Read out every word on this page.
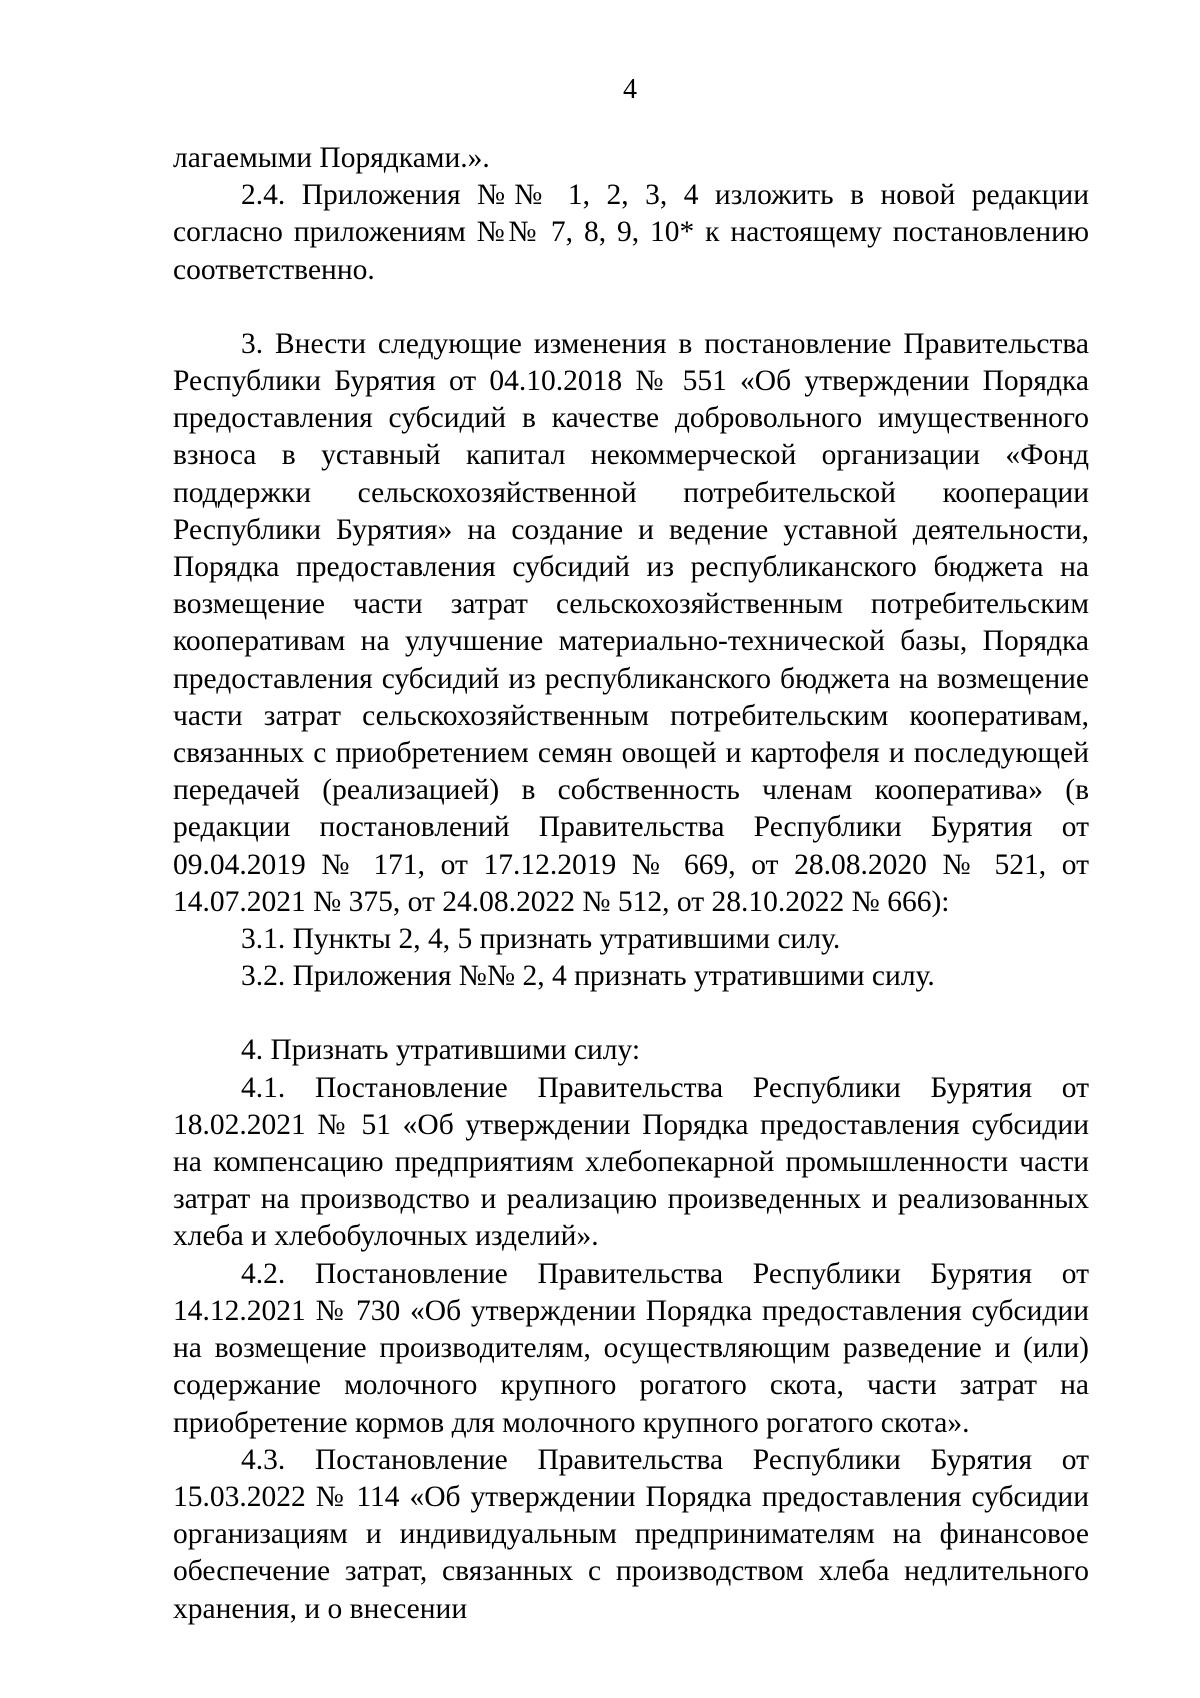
4

лагаемыми Порядками.».

2.4. Приложения №№ 1, 2, 3, 4 изложить в новой редакции согласно приложениям №№ 7, 8, 9, 10* к настоящему постановлению соответственно.

3. Внести следующие изменения в постановление Правительства Республики Бурятия от 04.10.2018 № 551 «Об утверждении Порядка предоставления субсидий в качестве добровольного имущественного взноса в уставный капитал некоммерческой организации «Фонд поддержки сельскохозяйственной потребительской кооперации Республики Бурятия» на создание и ведение уставной деятельности, Порядка предоставления субсидий из республиканского бюджета на возмещение части затрат сельскохозяйственным потребительским кооперативам на улучшение материально-технической базы, Порядка предоставления субсидий из республиканского бюджета на возмещение части затрат сельскохозяйственным потребительским кооперативам, связанных с приобретением семян овощей и картофеля и последующей передачей (реализацией) в собственность членам кооператива» (в редакции постановлений Правительства Республики Бурятия от 09.04.2019 № 171, от 17.12.2019 № 669, от 28.08.2020 № 521, от 14.07.2021 № 375, от 24.08.2022 № 512, от 28.10.2022 № 666):

3.1. Пункты 2, 4, 5 признать утратившими силу.

3.2. Приложения №№ 2, 4 признать утратившими силу.

4. Признать утратившими силу:

4.1. Постановление Правительства Республики Бурятия от 18.02.2021 № 51 «Об утверждении Порядка предоставления субсидии на компенсацию предприятиям хлебопекарной промышленности части затрат на производство и реализацию произведенных и реализованных хлеба и хлебобулочных изделий».

4.2. Постановление Правительства Республики Бурятия от 14.12.2021 № 730 «Об утверждении Порядка предоставления субсидии на возмещение производителям, осуществляющим разведение и (или) содержание молочного крупного рогатого скота, части затрат на приобретение кормов для молочного крупного рогатого скота».

4.3. Постановление Правительства Республики Бурятия от 15.03.2022 № 114 «Об утверждении Порядка предоставления субсидии организациям и индивидуальным предпринимателям на финансовое обеспечение затрат, связанных с производством хлеба недлительного хранения, и о внесении
